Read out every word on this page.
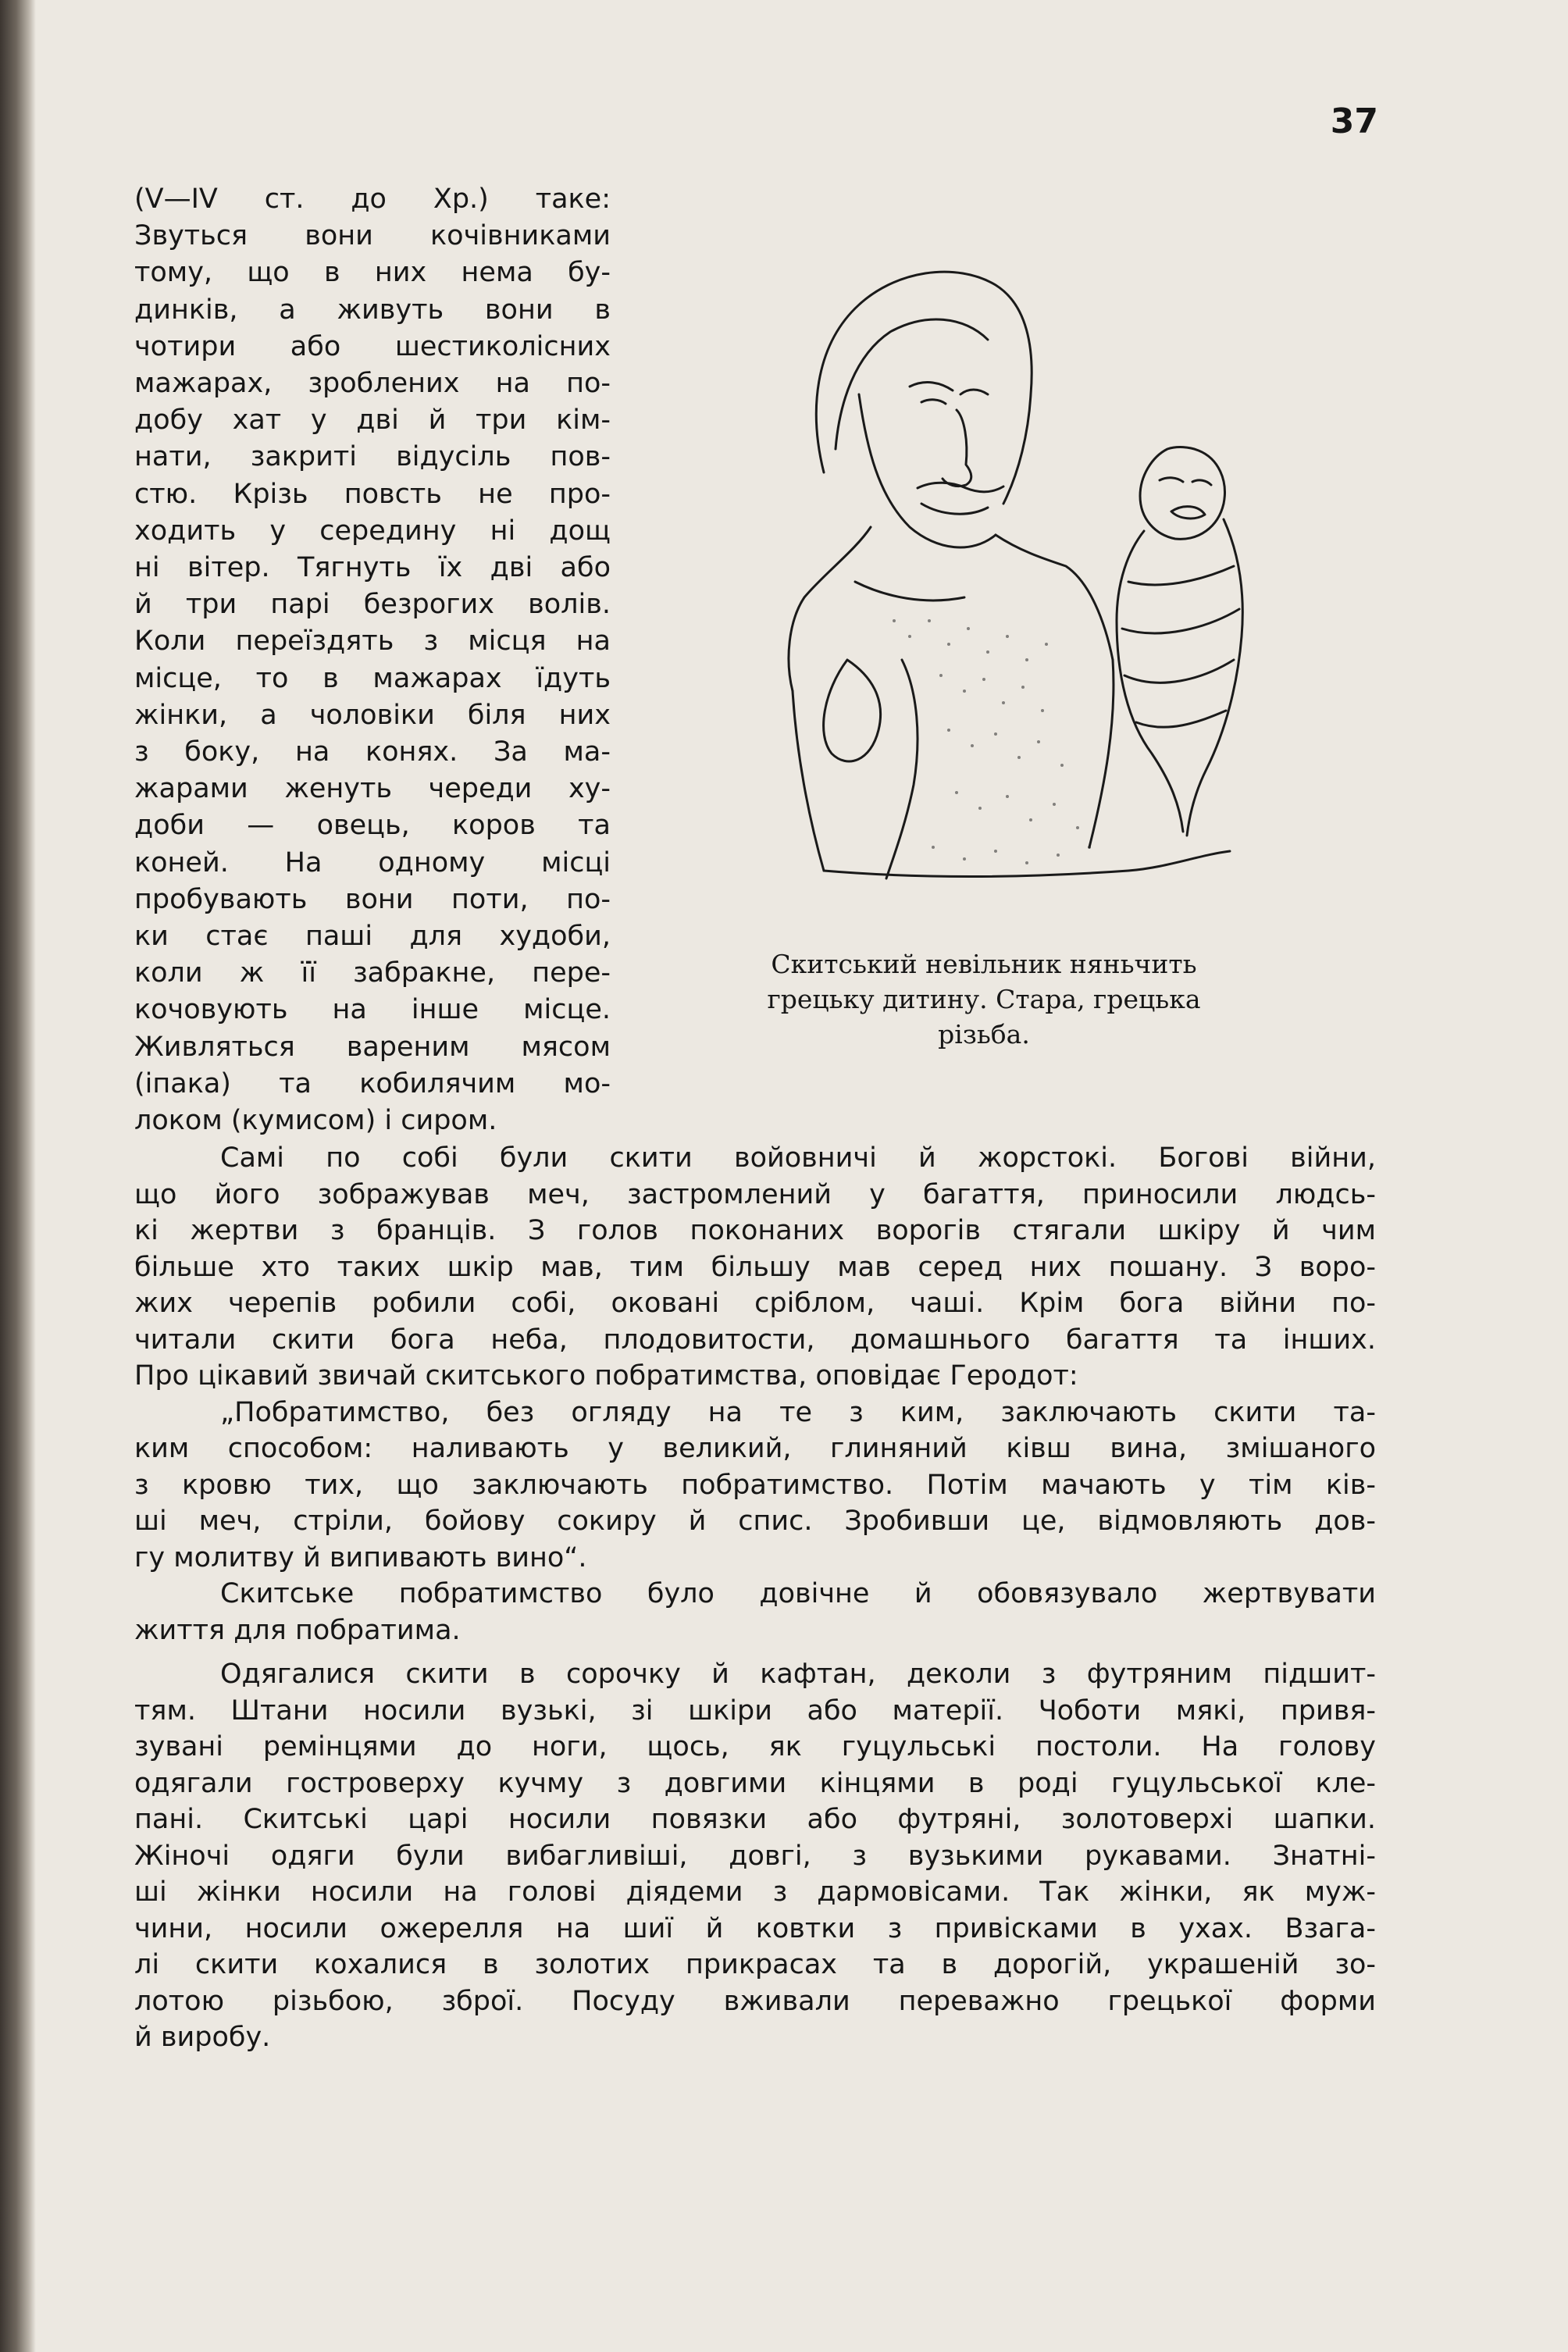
37
(V—IV ст. до Хр.) таке:
Звуться вони кочівниками
тому, що в них нема бу-
динків, а живуть вони в
чотири або шестиколісних
мажарах, зроблених на по-
добу хат у дві й три кім-
нати, закриті відусіль пов-
стю. Крізь повсть не про-
ходить у середину ні дощ
ні вітер. Тягнуть їх дві або
й три парі безрогих волів.
Коли переїздять з місця на
місце, то в мажарах їдуть
жінки, а чоловіки біля них
з боку, на конях. За ма-
жарами женуть череди ху-
доби — овець, коров та
коней. На одному місці
пробувають вони поти, по-
ки стає паші для худоби,
коли ж її забракне, пере-
кочовують на інше місце.
Живляться вареним мясом
(іпака) та кобилячим мо-
локом (кумисом) і сиром.
Скитський невільник няньчить
грецьку дитину. Стара, грецька
різьба.
Самі по собі були скити войовничі й жорстокі. Богові війни,
що його зображував меч, застромлений у багаття, приносили людсь-
кі жертви з бранців. З голов поконаних ворогів стягали шкіру й чим
більше хто таких шкір мав, тим більшу мав серед них пошану. З воро-
жих черепів робили собі, оковані сріблом, чаші. Крім бога війни по-
читали скити бога неба, плодовитости, домашнього багаття та інших.
Про цікавий звичай скитського побратимства, оповідає Геродот:
„Побратимство, без огляду на те з ким, заключають скити та-
ким способом: наливають у великий, глиняний ківш вина, змішаного
з кровю тих, що заключають побратимство. Потім мачають у тім ків-
ші меч, стріли, бойову сокиру й спис. Зробивши це, відмовляють дов-
гу молитву й випивають вино“.
Скитське побратимство було довічне й обовязувало жертвувати
життя для побратима.
Одягалися скити в сорочку й кафтан, деколи з футряним підшит-
тям. Штани носили вузькі, зі шкіри або матерії. Чоботи мякі, привя-
зувані ремінцями до ноги, щось, як гуцульські постоли. На голову
одягали гостроверху кучму з довгими кінцями в роді гуцульської кле-
пані. Скитські царі носили повязки або футряні, золотоверхі шапки.
Жіночі одяги були вибагливіші, довгі, з вузькими рукавами. Знатні-
ші жінки носили на голові діядеми з дармовісами. Так жінки, як муж-
чини, носили ожерелля на шиї й ковтки з привісками в ухах. Взага-
лі скити кохалися в золотих прикрасах та в дорогій, украшеній зо-
лотою різьбою, зброї. Посуду вживали переважно грецької форми
й виробу.
